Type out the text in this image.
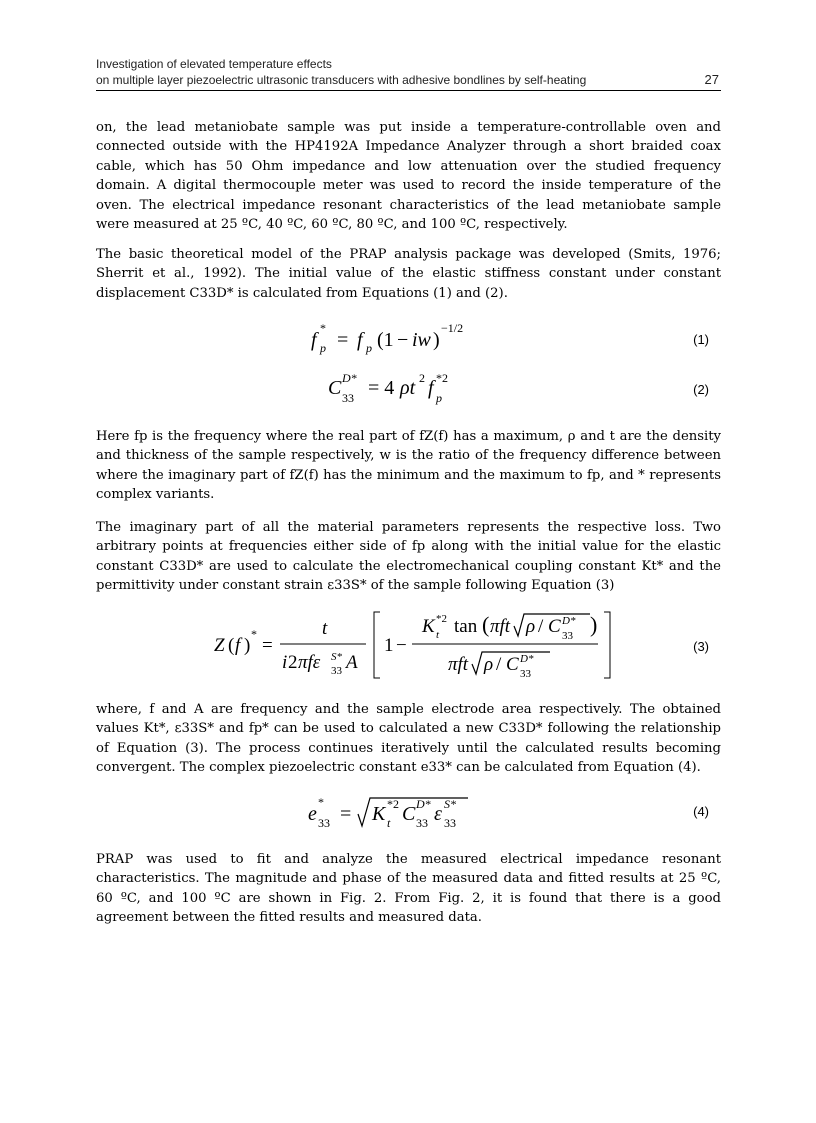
Investigation of elevated temperature effects
on multiple layer piezoelectric ultrasonic transducers with adhesive bondlines by self-heating	27

on, the lead metaniobate sample was put inside a temperature-controllable oven and connected outside with the HP4192A Impedance Analyzer through a short braided coax cable, which has 50 Ohm impedance and low attenuation over the studied frequency domain. A digital thermocouple meter was used to record the inside temperature of the oven. The electrical impedance resonant characteristics of the lead metaniobate sample were measured at 25 ºC, 40 ºC, 60 ºC, 80 ºC, and 100 ºC, respectively.

The basic theoretical model of the PRAP analysis package was developed (Smits, 1976; Sherrit et al., 1992). The initial value of the elastic stiffness constant under constant displacement C33D* is calculated from Equations (1) and (2).

f p
*
= f p (1 − iw )
−1/2
(1)
C 33
D* = 4 ρt 2 f p
*2
(2)

Here fp is the frequency where the real part of fZ(f) has a maximum, ρ and t are the density and thickness of the sample respectively, w is the ratio of the frequency difference between where the imaginary part of fZ(f) has the minimum and the maximum to fp, and * represents complex variants.

The imaginary part of all the material parameters represents the respective loss. Two arbitrary points at frequencies either side of fp along with the initial value for the elastic constant C33D* are used to calculate the electromechanical coupling constant Kt* and the permittivity under constant strain ε33S* of the sample following Equation (3)

Z ( f )
*
=
t
i 2 πfε 33
S* A
1 −
K t
*2 tan ( πft ρ / C 33
D* )
πft ρ / C 33
D*
(3)

where, f and A are frequency and the sample electrode area respectively. The obtained values Kt*, ε33S* and fp* can be used to calculated a new C33D* following the relationship of Equation (3). The process continues iteratively until the calculated results becoming convergent. The complex piezoelectric constant e33* can be calculated from Equation (4).

e 33
*
= K t
*2 C 33
D* ε 33
S*	(4)

PRAP was used to fit and analyze the measured electrical impedance resonant characteristics. The magnitude and phase of the measured data and fitted results at 25 ºC, 60 ºC, and 100 ºC are shown in Fig. 2. From Fig. 2, it is found that there is a good agreement between the fitted results and measured data.
